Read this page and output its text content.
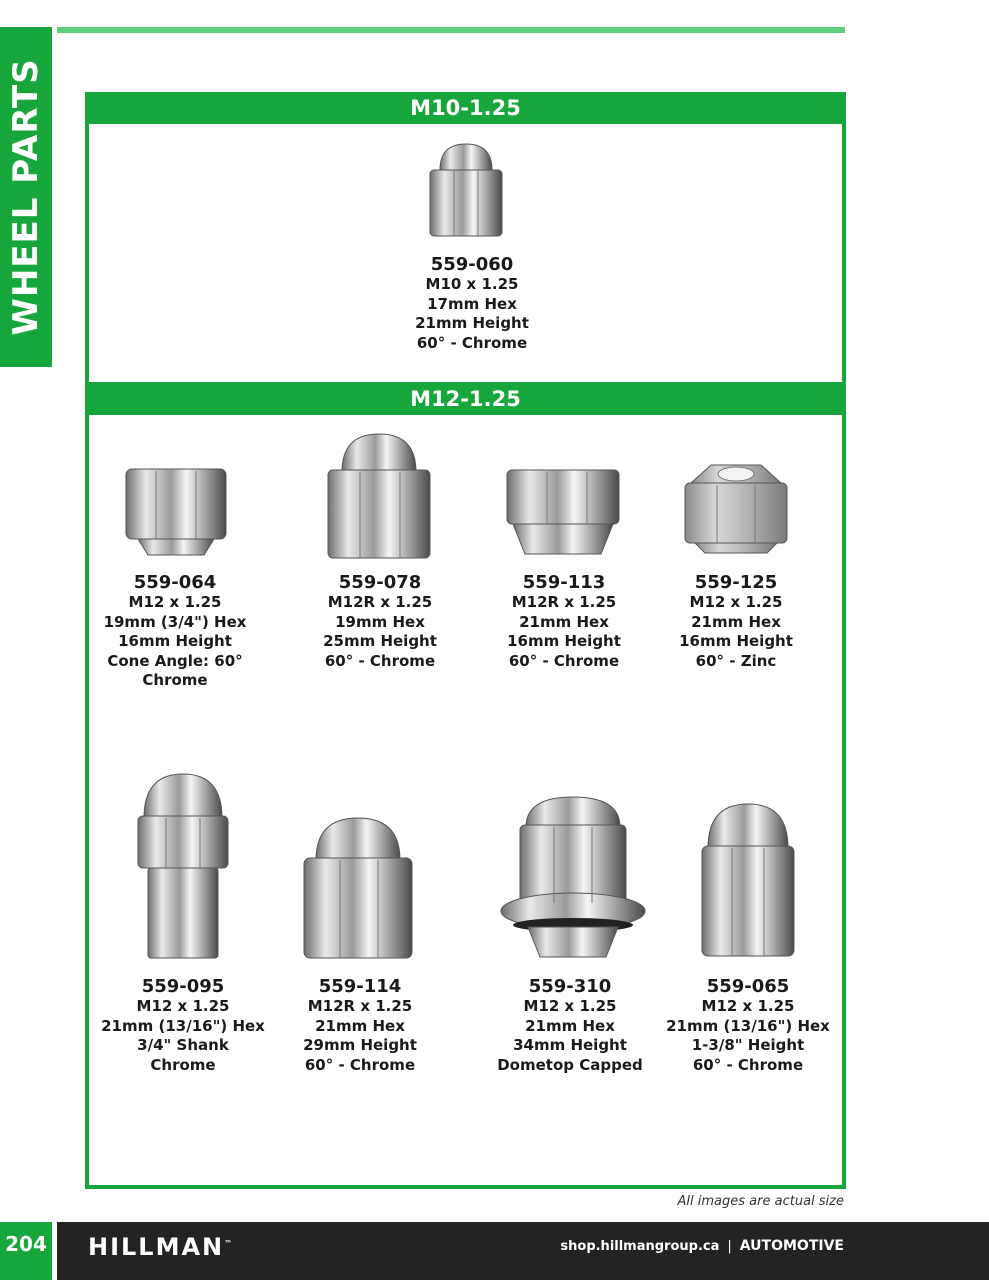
WHEEL PARTS	M10-1.25
M12-1.25
559-060
M10 x 1.25
17mm Hex
21mm Height
60° - Chrome
559-064
M12 x 1.25
19mm (3/4") Hex
16mm Height
Cone Angle: 60°
Chrome
559-078
M12R x 1.25
19mm Hex
25mm Height
60° - Chrome
559-113
M12R x 1.25
21mm Hex
16mm Height
60° - Chrome
559-125
M12 x 1.25
21mm Hex
16mm Height
60° - Zinc
559-095
M12 x 1.25
21mm (13/16") Hex
3/4" Shank
Chrome
559-114
M12R x 1.25
21mm Hex
29mm Height
60° - Chrome
559-310
M12 x 1.25
21mm Hex
34mm Height
Dometop Capped
559-065
M12 x 1.25
21mm (13/16") Hex
1-3/8" Height
60° - Chrome
All images are actual size
204 HILLMAN™	shop.hillmangroup.ca | AUTOMOTIVE
